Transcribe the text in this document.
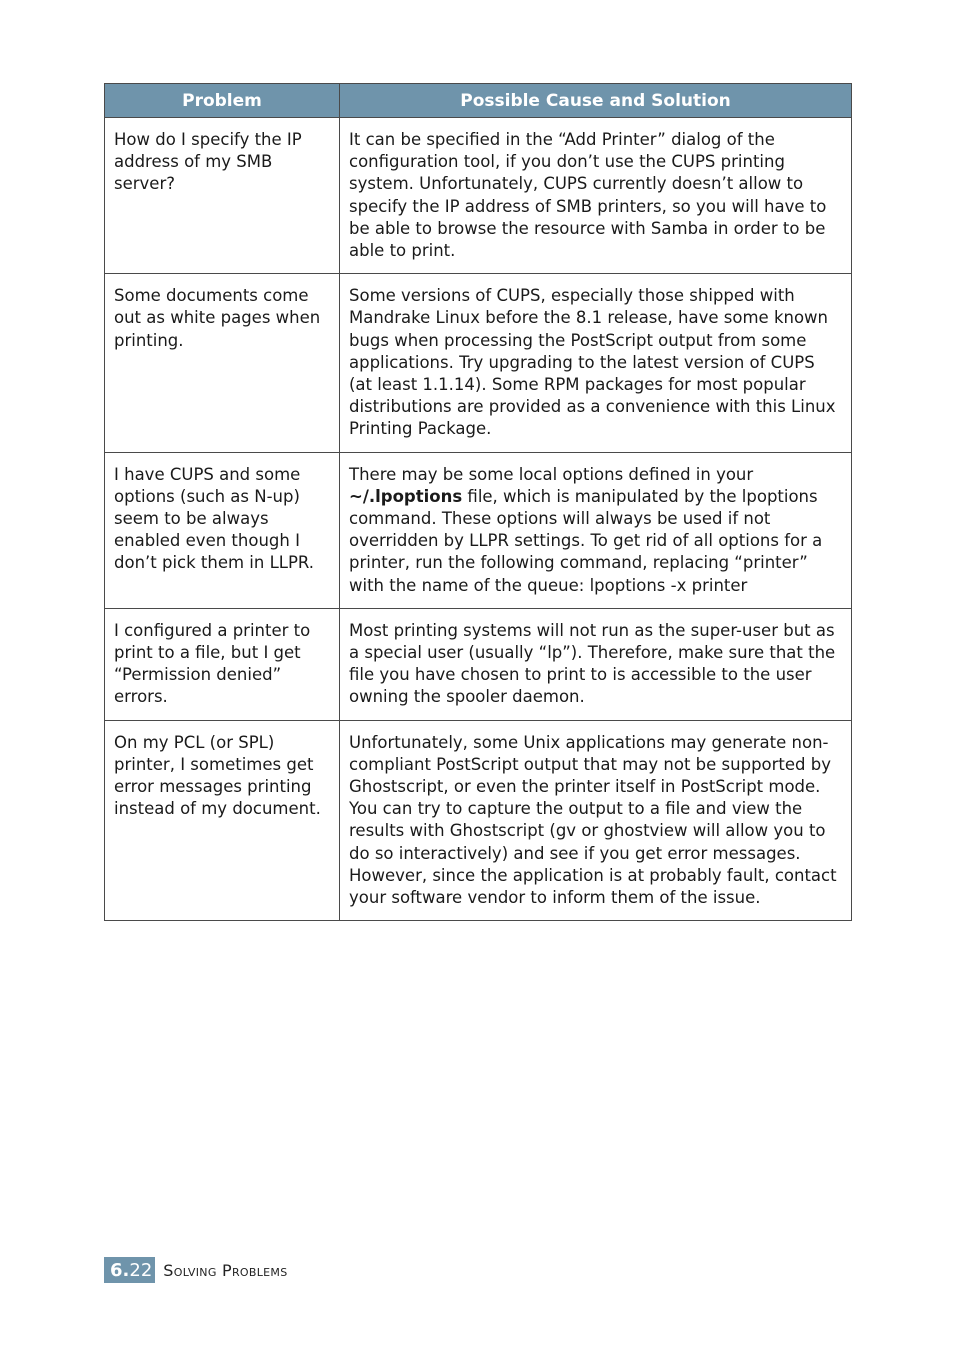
Problem	Possible Cause and Solution
How do I specify the IP address of my SMB server?	It can be specified in the “Add Printer” dialog of the configuration tool, if you don’t use the CUPS printing system. Unfortunately, CUPS currently doesn’t allow to specify the IP address of SMB printers, so you will have to be able to browse the resource with Samba in order to be able to print.
Some documents come out as white pages when printing.	Some versions of CUPS, especially those shipped with Mandrake Linux before the 8.1 release, have some known bugs when processing the PostScript output from some applications. Try upgrading to the latest version of CUPS (at least 1.1.14). Some RPM packages for most popular distributions are provided as a convenience with this Linux Printing Package.
I have CUPS and some options (such as N-up) seem to be always enabled even though I don’t pick them in LLPR.	There may be some local options defined in your ~/.lpoptions file, which is manipulated by the lpoptions command. These options will always be used if not overridden by LLPR settings. To get rid of all options for a printer, run the following command, replacing “printer” with the name of the queue: lpoptions -x printer
I configured a printer to print to a file, but I get “Permission denied” errors.	Most printing systems will not run as the super-user but as a special user (usually “lp”). Therefore, make sure that the file you have chosen to print to is accessible to the user owning the spooler daemon.
On my PCL (or SPL) printer, I sometimes get error messages printing instead of my document.	Unfortunately, some Unix applications may generate non-compliant PostScript output that may not be supported by Ghostscript, or even the printer itself in PostScript mode. You can try to capture the output to a file and view the results with Ghostscript (gv or ghostview will allow you to do so interactively) and see if you get error messages. However, since the application is at probably fault, contact your software vendor to inform them of the issue.
6. 22 Solving Problems
